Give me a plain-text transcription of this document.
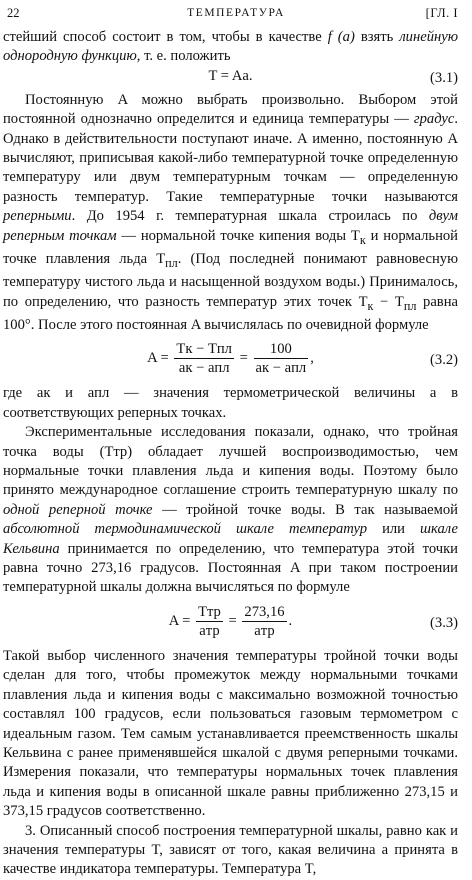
22	ТЕМПЕРАТУРА	[ГЛ. I

стейший способ состоит в том, чтобы в качестве f (a) взять линейную однородную функцию, т. е. положить

T = Aa.	(3.1)

Постоянную A можно выбрать произвольно. Выбором этой постоянной однозначно определится и единица температуры — градус. Однако в действительности поступают иначе. А именно, постоянную A вычисляют, приписывая какой-либо температурной точке определенную температуру или двум температурным точкам — определенную разность температур. Такие температурные точки называются реперными. До 1954 г. температурная шкала строилась по двум реперным точкам — нормальной точке кипения воды $T_к$ и нормальной точке плавления льда $T_{пл}$. (Под последней понимают равновесную температуру чистого льда и насыщенной воздухом воды.) Принималось, по определению, что разность температур этих точек $T_к - T_{пл}$ равна 100°. После этого постоянная A вычислялась по очевидной формуле

$A = \frac{\text{Tк − Tпл}}{\text{aк − aпл}} = \frac{100}{\text{aк − aпл}}$ ,	(3.2)

где aк и aпл — значения термометрической величины a в соответствующих реперных точках.

Экспериментальные исследования показали, однако, что тройная точка воды (Tтр) обладает лучшей воспроизводимостью, чем нормальные точки плавления льда и кипения воды. Поэтому было принято международное соглашение строить температурную шкалу по одной реперной точке — тройной точке воды. В так называемой абсолютной термодинамической шкале температур или шкале Кельвина принимается по определению, что температура этой точки равна точно 273,16 градусов. Постоянная A при таком построении температурной шкалы должна вычисляться по формуле

$A = \frac{\text{Tтр}}{\text{aтр}} = \frac{273,16}{\text{aтр}}$ .	(3.3)

Такой выбор численного значения температуры тройной точки воды сделан для того, чтобы промежуток между нормальными точками плавления льда и кипения воды с максимально возможной точностью составлял 100 градусов, если пользоваться газовым термометром с идеальным газом. Тем самым устанавливается преемственность шкалы Кельвина с ранее применявшейся шкалой с двумя реперными точками. Измерения показали, что температуры нормальных точек плавления льда и кипения воды в описанной шкале равны приближенно 273,15 и 373,15 градусов соответственно.

3. Описанный способ построения температурной шкалы, равно как и значения температуры T, зависят от того, какая величина a принята в качестве индикатора температуры. Температура T,
